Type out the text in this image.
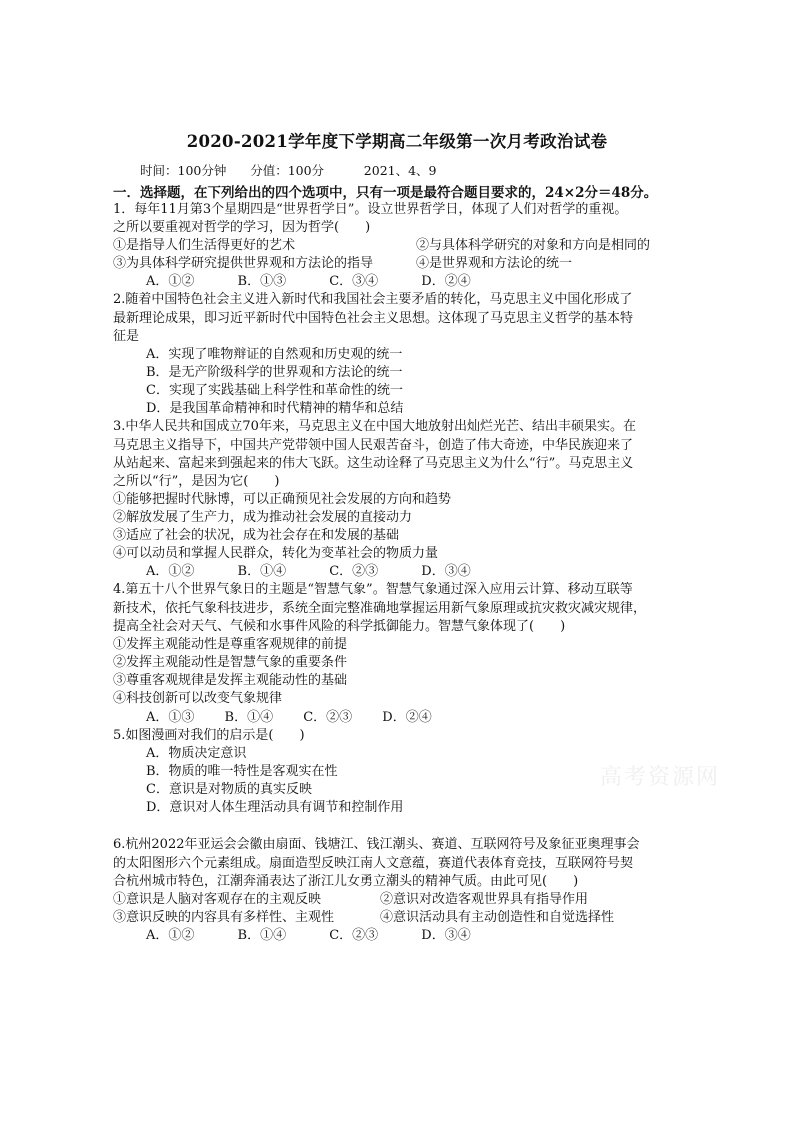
2020-2021学年度下学期高二年级第一次月考政治试卷
时间：100分钟      分值：100分          2021、4、9
一．选择题，在下列给出的四个选项中，只有一项是最符合题目要求的，24×2分＝48分。
1．每年11月第3个星期四是“世界哲学日”。设立世界哲学日，体现了人们对哲学的重视。
之所以要重视对哲学的学习，因为哲学(　　)
①是指导人们生活得更好的艺术	②与具体科学研究的对象和方向是相同的
③为具体科学研究提供世界观和方法论的指导	④是世界观和方法论的统一
A．①②　　　 B．①③　　　 C．③④　　　 D．②④
2.随着中国特色社会主义进入新时代和我国社会主要矛盾的转化，马克思主义中国化形成了
最新理论成果，即习近平新时代中国特色社会主义思想。这体现了马克思主义哲学的基本特
征是
A．实现了唯物辩证的自然观和历史观的统一
B．是无产阶级科学的世界观和方法论的统一
C．实现了实践基础上科学性和革命性的统一
D．是我国革命精神和时代精神的精华和总结
3.中华人民共和国成立70年来，马克思主义在中国大地放射出灿烂光芒、结出丰硕果实。在
马克思主义指导下，中国共产党带领中国人民艰苦奋斗，创造了伟大奇迹，中华民族迎来了
从站起来、富起来到强起来的伟大飞跃。这生动诠释了马克思主义为什么“行”。马克思主义
之所以“行”，是因为它(　　)
①能够把握时代脉博，可以正确预见社会发展的方向和趋势
②解放发展了生产力，成为推动社会发展的直接动力
③适应了社会的状况，成为社会存在和发展的基础
④可以动员和掌握人民群众，转化为变革社会的物质力量
A．①②　　　 B．①④　　　 C．②③　　　 D．③④
4.第五十八个世界气象日的主题是“智慧气象”。智慧气象通过深入应用云计算、移动互联等
新技术，依托气象科技进步，系统全面完整准确地掌握运用新气象原理或抗灾救灾减灾规律，
提高全社会对天气、气候和水事件风险的科学抵御能力。智慧气象体现了(　　)
①发挥主观能动性是尊重客观规律的前提
②发挥主观能动性是智慧气象的重要条件
③尊重客观规律是发挥主观能动性的基础
④科技创新可以改变气象规律
A．①③　　 B．①④　　 C．②③　　 D．②④
5.如图漫画对我们的启示是(　　)
A．物质决定意识
B．物质的唯一特性是客观实在性
C．意识是对物质的真实反映
D．意识对人体生理活动具有调节和控制作用
高考资源网
6.杭州2022年亚运会会徽由扇面、钱塘江、钱江潮头、赛道、互联网符号及象征亚奥理事会
的太阳图形六个元素组成。扇面造型反映江南人文意蕴，赛道代表体育竞技，互联网符号契
合杭州城市特色，江潮奔涌表达了浙江儿女勇立潮头的精神气质。由此可见(　　)
①意识是人脑对客观存在的主观反映	②意识对改造客观世界具有指导作用
③意识反映的内容具有多样性、主观性	④意识活动具有主动创造性和自觉选择性
A．①②　　　 B．①④　　　 C．②③　　　 D．③④
